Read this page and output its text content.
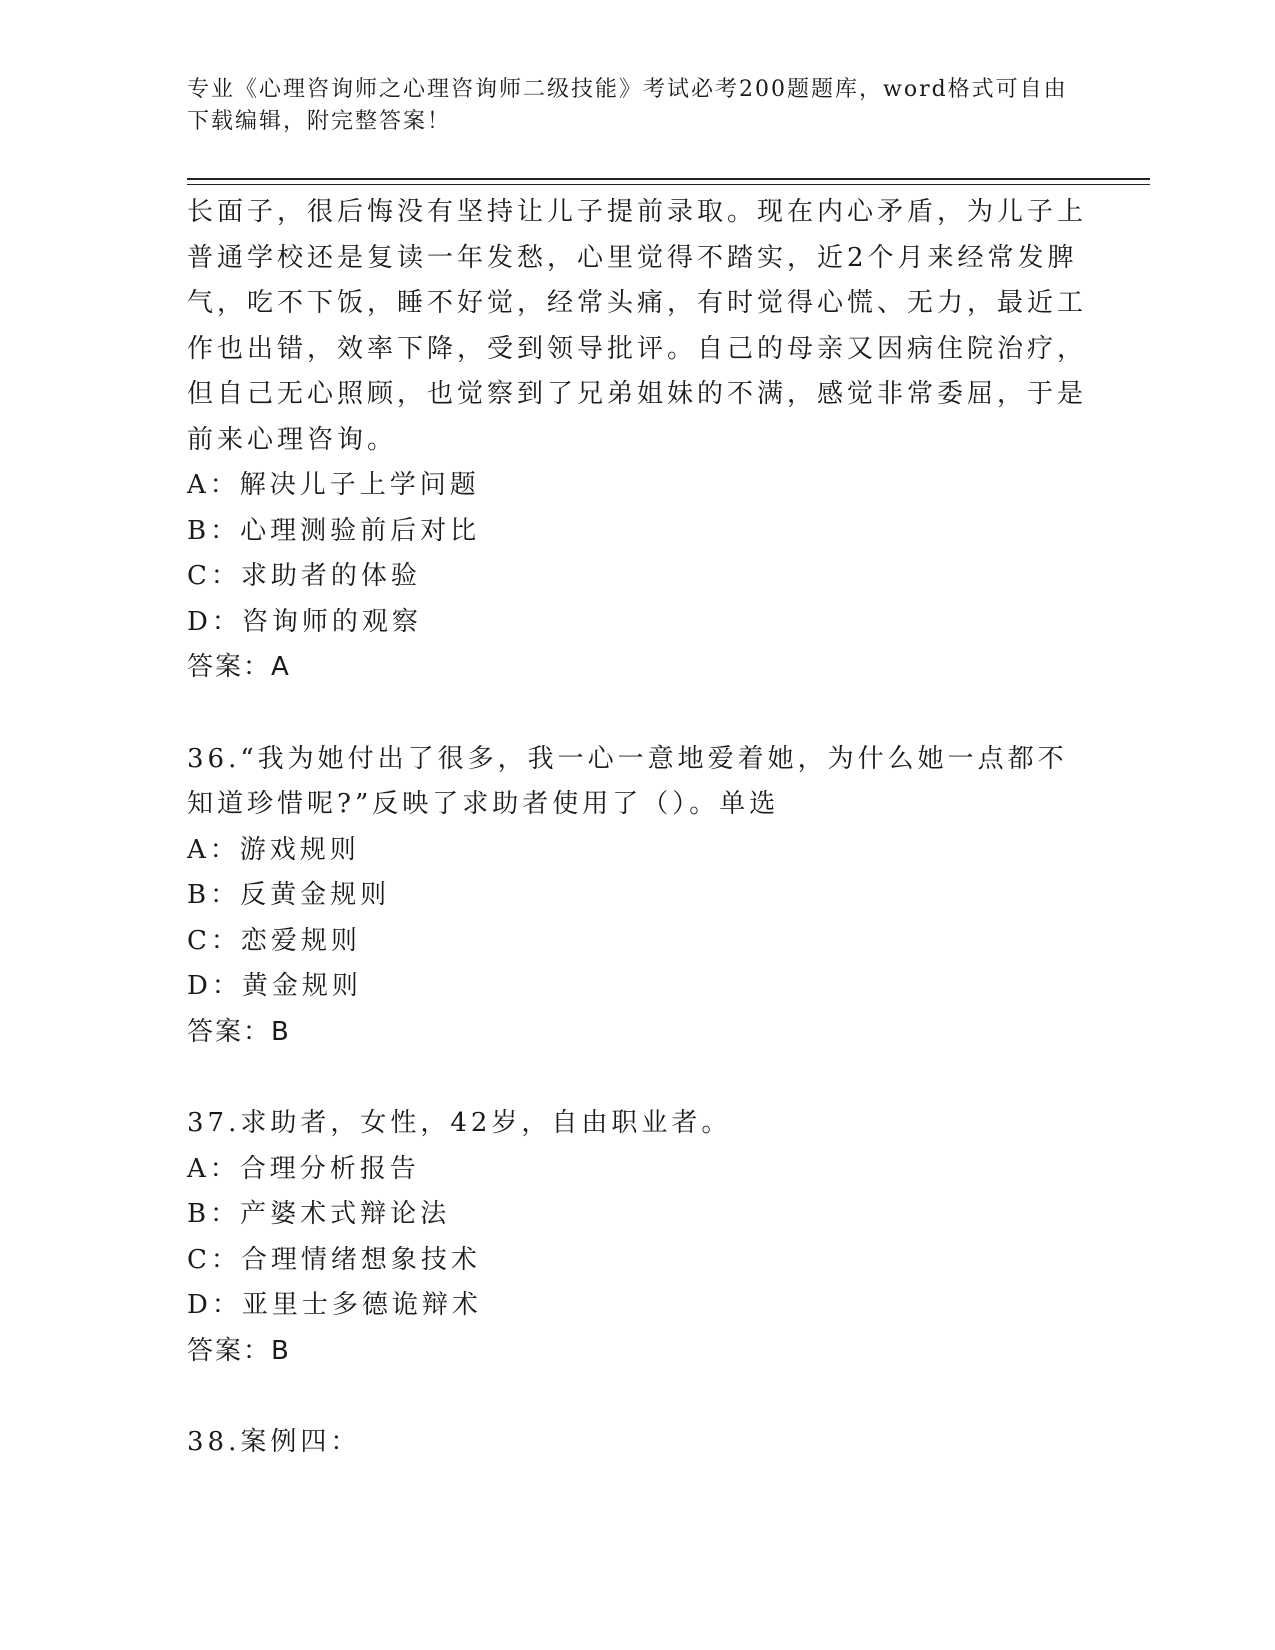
专业《心理咨询师之心理咨询师二级技能》考试必考200题题库，word格式可自由下载编辑，附完整答案！

长面子，很后悔没有坚持让儿子提前录取。现在内心矛盾，为儿子上普通学校还是复读一年发愁，心里觉得不踏实，近2个月来经常发脾气，吃不下饭，睡不好觉，经常头痛，有时觉得心慌、无力，最近工作也出错，效率下降，受到领导批评。自己的母亲又因病住院治疗，但自己无心照顾，也觉察到了兄弟姐妹的不满，感觉非常委屈，于是前来心理咨询。

A：解决儿子上学问题

B：心理测验前后对比

C：求助者的体验

D：咨询师的观察

答案：A

36.“我为她付出了很多，我一心一意地爱着她，为什么她一点都不知道珍惜呢?”反映了求助者使用了（）。单选

A：游戏规则

B：反黄金规则

C：恋爱规则

D：黄金规则

答案：B

37.求助者，女性，42岁，自由职业者。

A：合理分析报告

B：产婆术式辩论法

C：合理情绪想象技术

D：亚里士多德诡辩术

答案：B

38.案例四：
